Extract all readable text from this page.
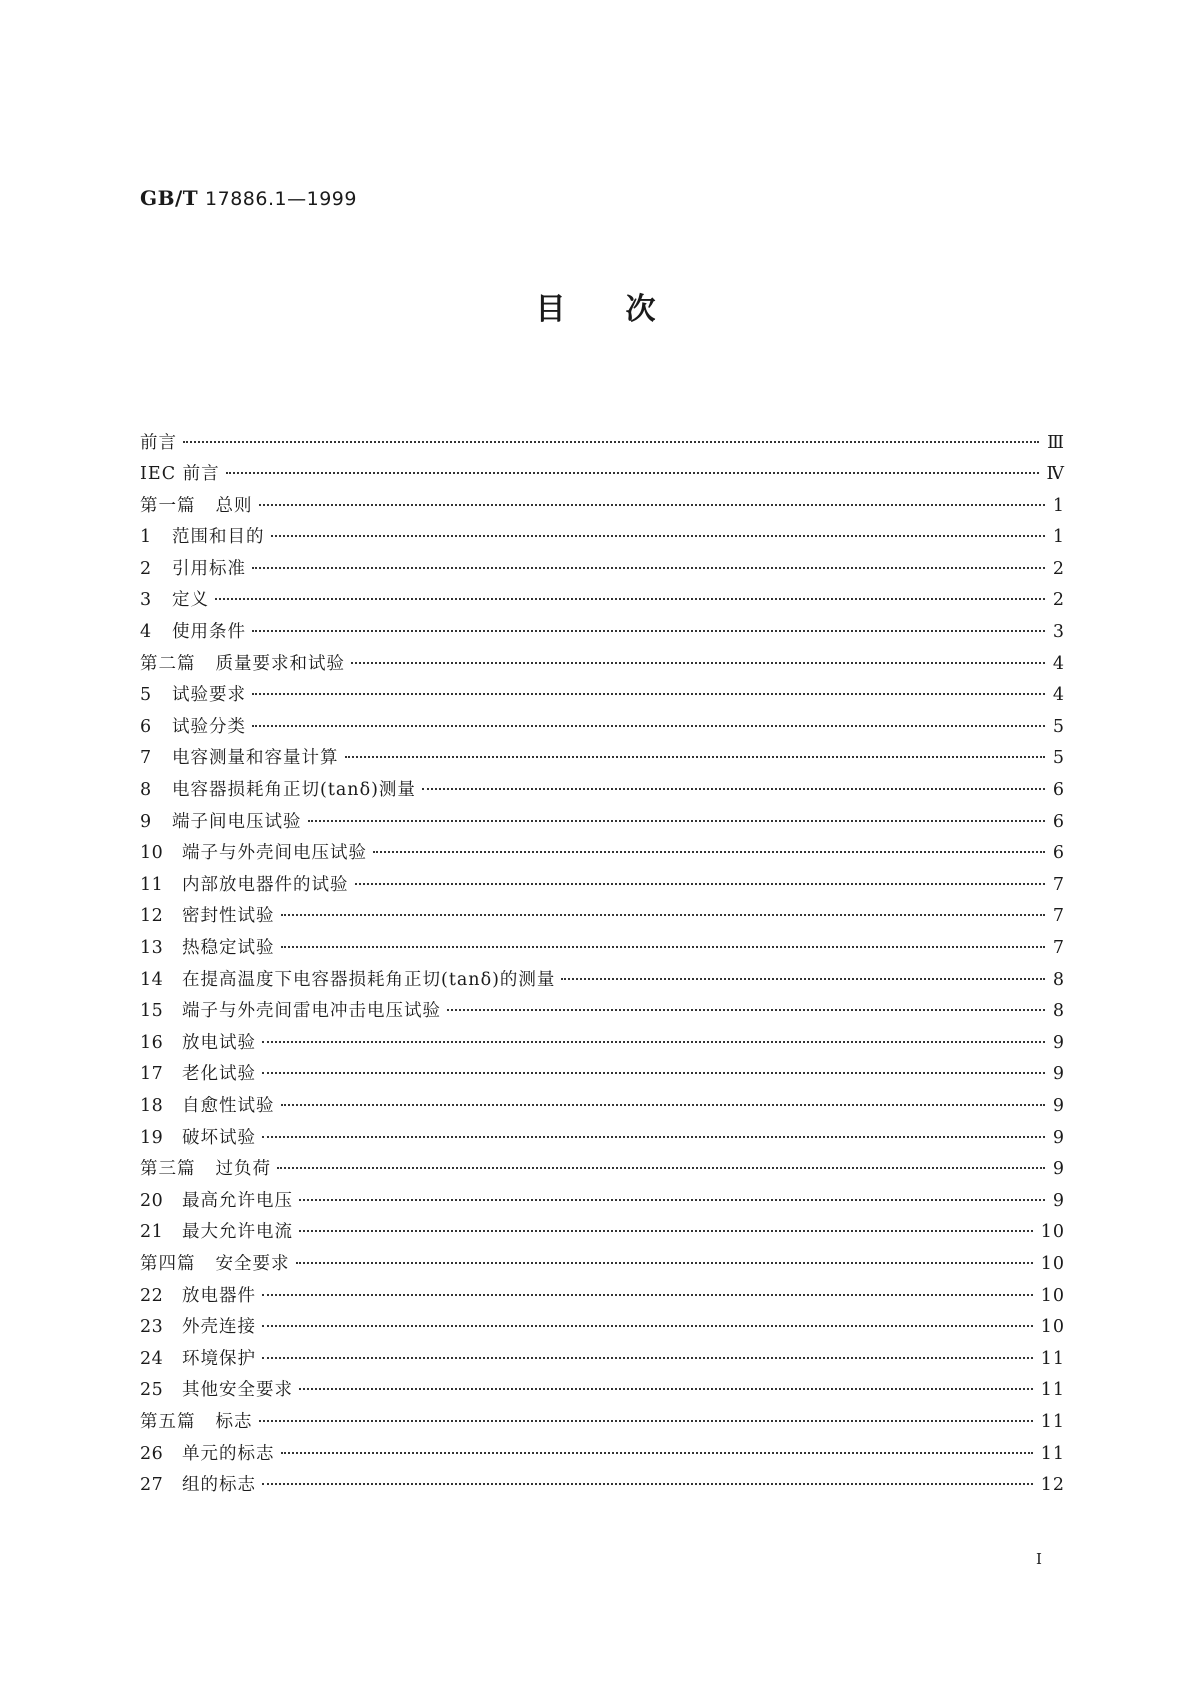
GB/T 17886.1—1999
目次
前言	Ⅲ
IEC 前言	Ⅳ
第一篇 总则	1
1	范围和目的	1
2	引用标准	2
3	定义	2
4	使用条件	3
第二篇 质量要求和试验	4
5	试验要求	4
6	试验分类	5
7	电容测量和容量计算	5
8	电容器损耗角正切(tanδ)测量	6
9	端子间电压试验	6
10 端子与外壳间电压试验	6
11 内部放电器件的试验	7
12 密封性试验	7
13 热稳定试验	7
14 在提高温度下电容器损耗角正切(tanδ)的测量	8
15 端子与外壳间雷电冲击电压试验	8
16 放电试验	9
17 老化试验	9
18 自愈性试验	9
19 破坏试验	9
第三篇 过负荷	9
20 最高允许电压	9
21 最大允许电流	10
第四篇 安全要求	10
22 放电器件	10
23 外壳连接	10
24 环境保护	11
25 其他安全要求	11
第五篇 标志	11
26 单元的标志	11
27 组的标志	12
I
